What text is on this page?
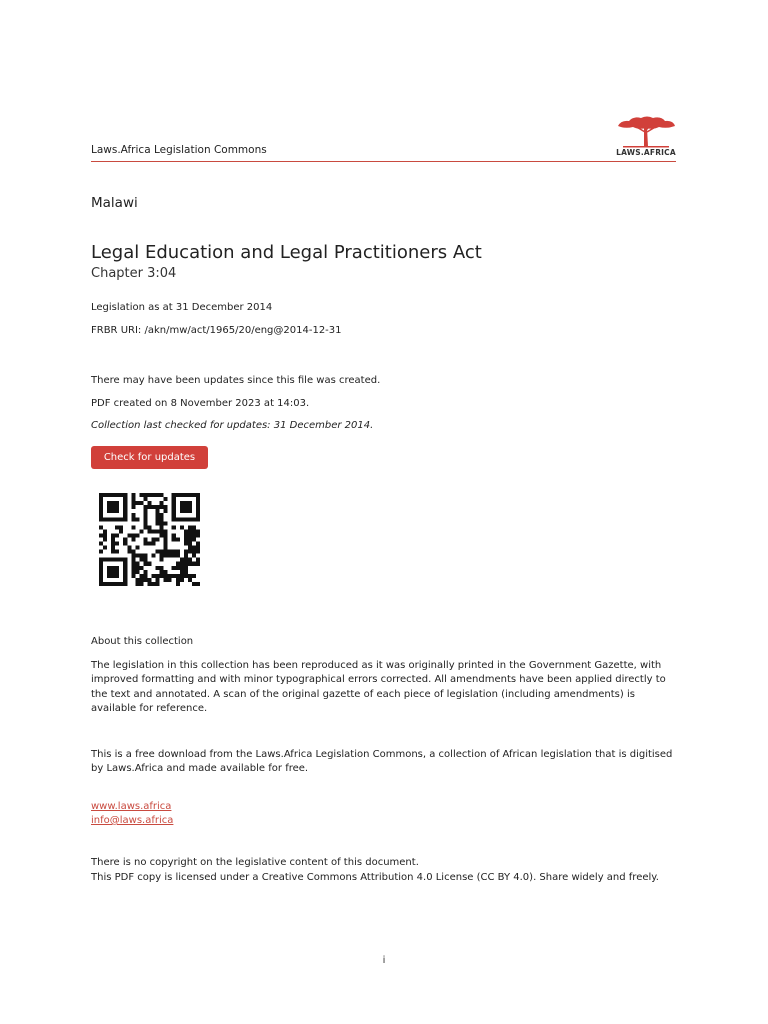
Laws.Africa Legislation Commons	LAWS.AFRICA
Malawi
Legal Education and Legal Practitioners Act
Chapter 3:04
Legislation as at 31 December 2014
FRBR URI: /akn/mw/act/1965/20/eng@2014-12-31
There may have been updates since this file was created.
PDF created on 8 November 2023 at 14:03.
Collection last checked for updates: 31 December 2014.
Check for updates
About this collection
The legislation in this collection has been reproduced as it was originally printed in the Government Gazette, with improved formatting and with minor typographical errors corrected. All amendments have been applied directly to the text and annotated. A scan of the original gazette of each piece of legislation (including amendments) is available for reference.
This is a free download from the Laws.Africa Legislation Commons, a collection of African legislation that is digitised by Laws.Africa and made available for free.
www.laws.africa
info@laws.africa
There is no copyright on the legislative content of this document.
This PDF copy is licensed under a Creative Commons Attribution 4.0 License (CC BY 4.0). Share widely and freely.
i
